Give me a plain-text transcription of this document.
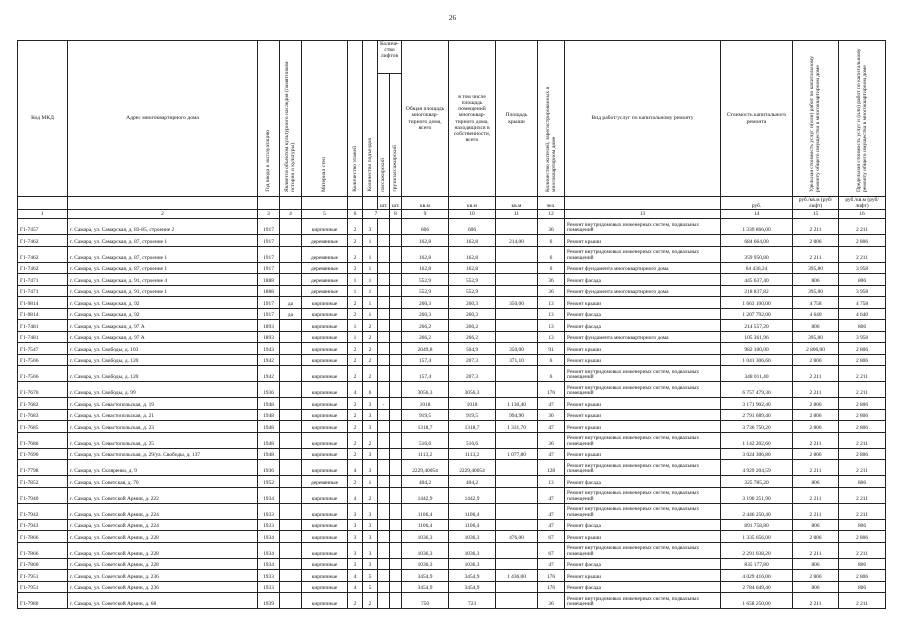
26
Код МКД	Адрес многоквартирного дома	Год ввода в эксплуатацию	Является объектом культурного наследия (памятником истории и культуры)	Материал стен	Количество этажей	Количество подъездов	Количе-ство лифтов		Общая площадь многоквар-тирного дома, всего	в том числе площадь помещений многоквар-тирного дома, находящихся в собственности, всего	Площадь крыши	Количество жителей, зарегистрированных в многоквартирном доме	Вид работ/услуг по капитальному ремонту	Стоимость капитального ремонта	Удельная стоимость услуг и(или) работ по капитальному ремонту общего имущества в многоквартирном доме	Предельная стоимость услуг и (или) работ по капитальному ремонту общего имущества в многоквартирном доме
							пассажирский	грузопассажирский								
							шт.	шт.	кв.м	кв.м	кв.м	чел.		руб.	руб./кв.м (руб/лифт)	руб./кв.м (руб/лифт)
1	2	3	4	5	6	7		8	9	10	11	12	13	14	15	16
Г1-7457	г. Самара, ул. Самарская, д. 83-85, строение 2	1917		кирпичные	2	3			606	606		36	Ремонт внутридомовых инженерных систем, подвальных помещений	1 339 866,00	2 211	2 211
Г1-7462	г. Самара, ул. Самарская, д. 87, строение 1	1917		деревянные	2	1			162,8	162,8	214,00	6	Ремонт крыши	684 664,00	2 806	2 806
Г1-7462	г. Самара, ул. Самарская, д. 87, строение 1	1917		деревянные	2	1			162,8	162,8		6	Ремонт внутридомовых инженерных систем, подвальных помещений	359 950,80	2 211	2 211
Г1-7462	г. Самара, ул. Самарская, д. 87, строение 1	1917		деревянные	2	1			162,8	162,8		6	Ремонт фундамента многоквартирного дома	64 436,24	395,80	3 958
Г1-7471	г. Самара, ул. Самарская, д. 91, строение 4	1888		деревянные	1	1			552,9	552,9		36	Ремонт фасада	445 637,40	806	806
Г1-7471	г. Самара, ул. Самарская, д. 91, строение 1	1888		деревянные	1	1			552,9	552,9		36	Ремонт фундамента многоквартирного дома	218 837,82	395,80	3 958
Г1-9814	г. Самара, ул. Самарская, д. 92	1917	да	кирпичные	2	1			260,3	260,3	350,00	13	Ремонт крыши	1 663 100,00	4 758	4 758
Г1-9814	г. Самара, ул. Самарская, д. 92	1917	да	кирпичные	2	1			260,3	260,3		13	Ремонт фасада	1 207 792,00	4 640	4 640
Г1-7481	г. Самара, ул. Самарская, д. 97 А	1893		кирпичные	1	2			266,2	266,2		13	Ремонт фасада	214 557,20	806	806
Г1-7481	г. Самара, ул. Самарская, д. 97 А	1893		кирпичные	1	2			266,2	266,2		13	Ремонт фундамента многоквартирного дома	105 361,96	395,80	3 958
Г1-7547	г. Самара, ул. Свободы, д. 103	1943		кирпичные	2	2			2049,8	504,9	350,00	91	Ремонт крыши	982 100,00	2 806,00	2 806
Г1-7566	г. Самара, ул. Свободы, д. 120	1942		кирпичные	2	2			157,4	207,3	371,10	6	Ремонт крыши	1 041 306,60	2 806	2 806
Г1-7566	г. Самара, ул. Свободы, д. 120	1942		кирпичные	2	2			157,4	207,3		6	Ремонт внутридомовых инженерных систем, подвальных помещений	348 011,40	2 211	2 211
Г1-7676	г. Самара, ул. Свободы, д. 99	1936		кирпичные	4	6			3056,3	3056,3		176	Ремонт внутридомовых инженерных систем, подвальных помещений	6 757 479,30	2 211	2 211
Г1-7682	г. Самара, ул. Севастопольская, д. 19	1948		кирпичные	2	3	-		1018	1018	1 130,40	47	Ремонт крыши	3 171 902,40	2 806	2 806
Г1-7683	г. Самара, ул. Севастопольская, д. 21	1948		кирпичные	2	3			919,5	919,5	994,90	36	Ремонт крыши	2 791 689,40	2 806	2 806
Г1-7685	г. Самара, ул. Севастопольская, д. 23	1948		кирпичные	2	3			1318,7	1318,7	1 331,70	47	Ремонт крыши	3 736 750,20	2 806	2 806
Г1-7686	г. Самара, ул. Севастопольская, д. 25	1948		кирпичные	2	2			516,6	516,6		36	Ремонт внутридомовых инженерных систем, подвальных помещений	1 142 202,60	2 211	2 211
Г1-7690	г. Самара, ул. Севастопольская, д. 29/ул. Свободы, д. 137	1948		кирпичные	2	3			1113,2	1113,2	1 077,80	47	Ремонт крыши	3 024 306,80	2 806	2 806
Г1-7798	г. Самара, ул. Скляренко, д. 9	1936		кирпичные	4	3			2229,40054	2229,40054		128	Ремонт внутридомовых инженерных систем, подвальных помещений	4 929 204,59	2 211	2 211
Г1-7852	г. Самара, ул. Советская, д. 70	1952		деревянные	2	1			404,2	404,2		13	Ремонт фасада	325 785,20	806	806
Г1-7940	г. Самара, ул. Советской Армии, д. 222	1934		кирпичные	4	2			1442,9	1442,9		47	Ремонт внутридомовых инженерных систем, подвальных помещений	3 190 251,90	2 211	2 211
Г1-7942	г. Самара, ул. Советской Армии, д. 224	1933		кирпичные	3	3			1106,4	1106,4		47	Ремонт внутридомовых инженерных систем, подвальных помещений	2 446 250,40	2 211	2 211
Г1-7943	г. Самара, ул. Советской Армии, д. 224	1933		кирпичные	3	3			1106,4	1106,4		47	Ремонт фасада	891 758,80	806	806
Г1-7866	г. Самара, ул. Советской Армии, д. 228	1934		кирпичные	3	3			1036,3	1036,3	476,00	67	Ремонт крыши	1 335 656,00	2 806	2 806
Г1-7866	г. Самара, ул. Советской Армии, д. 228	1934		кирпичные	3	3			1036,3	1036,3		67	Ремонт внутридомовых инженерных систем, подвальных помещений	2 291 038,20	2 211	2 211
Г1-7866	г. Самара, ул. Советской Армии, д. 228	1934		кирпичные	3	3			1036,3	1036,3		47	Ремонт фасада	835 177,80	806	806
Г1-7951	г. Самара, ул. Советской Армии, д. 236	1933		кирпичные	4	5			3454,9	3454,9	1 436,00	176	Ремонт крыши	4 029 416,00	2 806	2 806
Г1-7951	г. Самара, ул. Советской Армии, д. 236	1933		кирпичные	4	5			3454,9	3454,9		176	Ремонт фасада	2 784 649,40	806	806
Г1-7980	г. Самара, ул. Советской Армии, д. 68	1939		кирпичные	2	2			750	723		36	Ремонт внутридомовых инженерных систем, подвальных помещений	1 658 250,00	2 211	2 211
